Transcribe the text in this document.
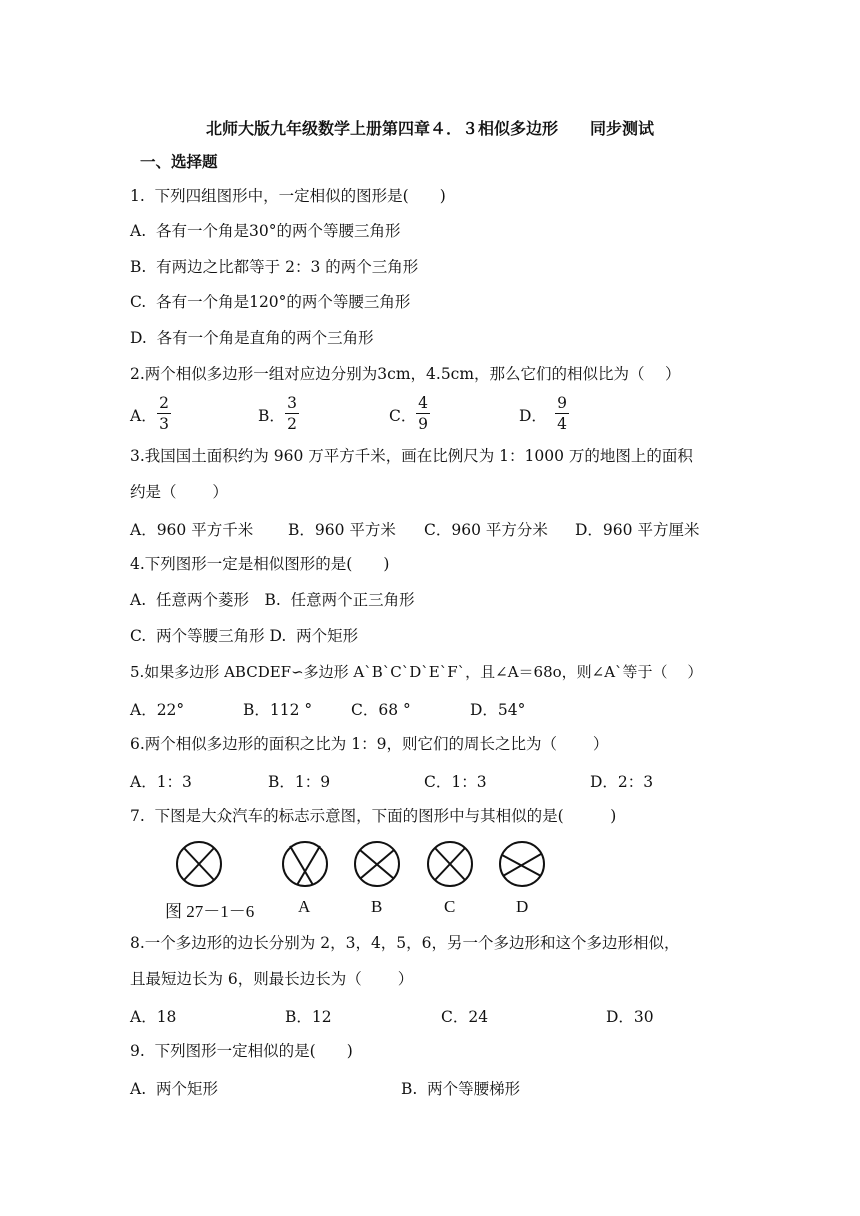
北师大版九年级数学上册第四章４．３相似多边形　　同步测试
一、选择题
1.  下列四组图形中，一定相似的图形是(　　)
A.  各有一个角是30°的两个等腰三角形
B.  有两边之比都等于 2：3 的两个三角形
C.  各有一个角是120°的两个等腰三角形
D.  各有一个角是直角的两个三角形
2.两个相似多边形一组对应边分别为3cm，4.5cm，那么它们的相似比为（　 ）
A．
2
3	B．
3
2	C．
4
9	D．
9
4
3.我国国土面积约为 960 万平方千米，画在比例尺为 1：1000 万的地图上的面积
约是（　　 ）
A．960 平方千米 B．960 平方米 C．960 平方分米 D．960 平方厘米
4.下列图形一定是相似图形的是(　　)
A.  任意两个菱形　B.  任意两个正三角形
C.  两个等腰三角形 D.  两个矩形
5.如果多边形 ABCDEF∽多边形 A`B`C`D`E`F`，且∠A＝68o，则∠A`等于（　 ）
A．22°	B．112 °	C．68 °	D．54°
6.两个相似多边形的面积之比为 1：9，则它们的周长之比为（　　 ）
A．1：3	B．1：9	C．1：3	D．2：3
7.  下图是大众汽车的标志示意图，下面的图形中与其相似的是(　　　)
图 27－1－6	A	B	C	D
8.一个多边形的边长分别为 2，3，4，5，6，另一个多边形和这个多边形相似，
且最短边长为 6，则最长边长为（　　 ）
A．18	B．12	C．24	D．30
9.  下列图形一定相似的是(　　)
A.  两个矩形	B.  两个等腰梯形
